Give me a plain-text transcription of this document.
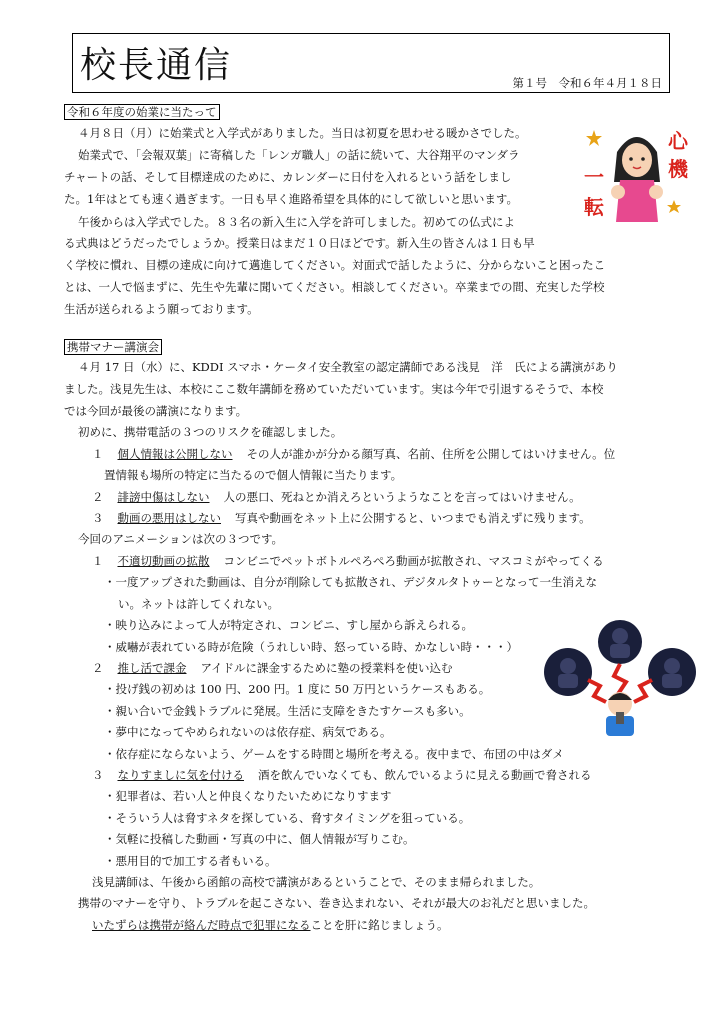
校長通信	第１号　令和６年４月１８日
令和６年度の始業に当たって
４月８日（月）に始業式と入学式がありました。当日は初夏を思わせる暖かさでした。
始業式で、「会報双葉」に寄稿した「レンガ職人」の話に続いて、大谷翔平のマンダラ
チャートの話、そして目標達成のために、カレンダーに日付を入れるという話をしまし
た。1年はとても速く過ぎます。一日も早く進路希望を具体的にして欲しいと思います。
午後からは入学式でした。８３名の新入生に入学を許可しました。初めての仏式によ
る式典はどうだったでしょうか。授業日はまだ１０日ほどです。新入生の皆さんは１日も早
く学校に慣れ、目標の達成に向けて邁進してください。対面式で話したように、分からないこと困ったこ
とは、一人で悩まずに、先生や先輩に聞いてください。相談してください。卒業までの間、充実した学校
生活が送られるよう願っております。
心
機
一
転
携帯マナー講演会
４月 17 日（水）に、KDDI スマホ・ケータイ安全教室の認定講師である浅見　洋　氏による講演があり
ました。浅見先生は、本校にここ数年講師を務めていただいています。実は今年で引退するそうで、本校
では今回が最後の講演になります。
初めに、携帯電話の３つのリスクを確認しました。
１ 個人情報は公開しない その人が誰かが分かる顔写真、名前、住所を公開してはいけません。位
置情報も場所の特定に当たるので個人情報に当たります。
２ 誹謗中傷はしない 人の悪口、死ねとか消えろというようなことを言ってはいけません。
３ 動画の悪用はしない 写真や動画をネット上に公開すると、いつまでも消えずに残ります。
今回のアニメーションは次の３つです。
１ 不適切動画の拡散 コンビニでペットボトルペろぺろ動画が拡散され、マスコミがやってくる
・一度アップされた動画は、自分が削除しても拡散され、デジタルタトゥーとなって一生消えな
い。ネットは許してくれない。
・映り込みによって人が特定され、コンビニ、すし屋から訴えられる。
・威嚇が表れている時が危険（うれしい時、怒っている時、かなしい時・・・）
２ 推し活で課金 アイドルに課金するために塾の授業料を使い込む
・投げ銭の初めは 100 円、200 円。1 度に 50 万円というケースもある。
・親い合いで金銭トラブルに発展。生活に支障をきたすケースも多い。
・夢中になってやめられないのは依存症、病気である。
・依存症にならないよう、ゲームをする時間と場所を考える。夜中まで、布団の中はダメ
３ なりすましに気を付ける 酒を飲んでいなくても、飲んでいるように見える動画で脅される
・犯罪者は、若い人と仲良くなりたいためになりすます
・そういう人は脅すネタを探している、脅すタイミングを狙っている。
・気軽に投稿した動画・写真の中に、個人情報が写りこむ。
・悪用目的で加工する者もいる。
浅見講師は、午後から函館の高校で講演があるということで、そのまま帰られました。
携帯のマナーを守り、トラブルを起こさない、巻き込まれない、それが最大のお礼だと思いました。
いたずらは携帯が絡んだ時点で犯罪になることを肝に銘じましょう。
